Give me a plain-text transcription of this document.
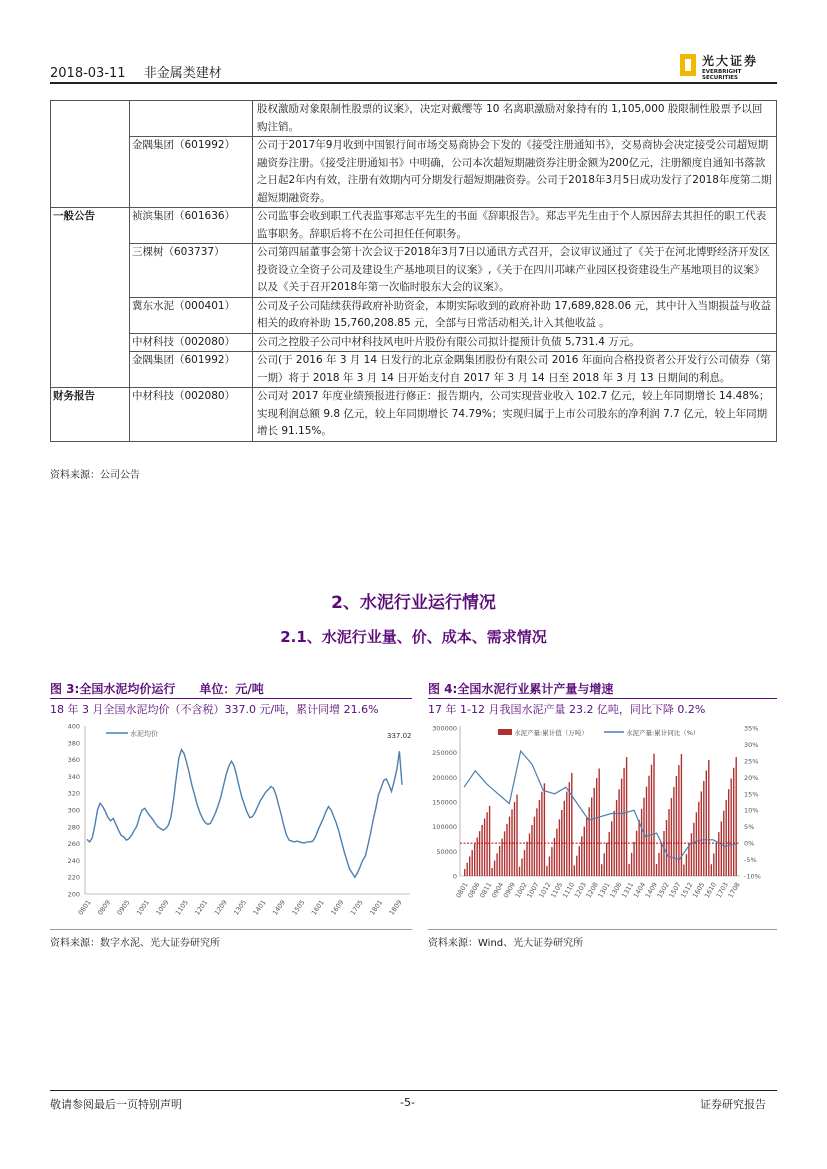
2018-03-11 非金属类建材
光大证券
EVERBRIGHT SECURITIES
		股权激励对象限制性股票的议案》，决定对戴缨等 10 名离职激励对象持有的 1,105,000 股限制性股票予以回购注销。
	金隅集团（601992）	公司于2017年9月收到中国银行间市场交易商协会下发的《接受注册通知书》，交易商协会决定接受公司超短期融资券注册。《接受注册通知书》中明确，公司本次超短期融资券注册金额为200亿元，注册额度自通知书落款之日起2年内有效，注册有效期内可分期发行超短期融资券。公司于2018年3月5日成功发行了2018年度第二期超短期融资券。
一般公告	祯滨集团（601636）	公司监事会收到职工代表监事郑志平先生的书面《辞职报告》。郑志平先生由于个人原因辞去其担任的职工代表监事职务。辞职后将不在公司担任任何职务。
	三棵树（603737）	公司第四届董事会第十次会议于2018年3月7日以通讯方式召开，会议审议通过了《关于在河北博野经济开发区投资设立全资子公司及建设生产基地项目的议案》,《关于在四川邛崃产业园区投资建设生产基地项目的议案》以及《关于召开2018年第一次临时股东大会的议案》。
	冀东水泥（000401）	公司及子公司陆续获得政府补助资金，本期实际收到的政府补助 17,689,828.06 元，其中计入当期损益与收益相关的政府补助 15,760,208.85 元，全部与日常活动相关,计入其他收益 。
	中材科技（002080）	公司之控股子公司中材科技风电叶片股份有限公司拟计提预计负债 5,731.4 万元。
	金隅集团（601992）	公司(于 2016 年 3 月 14 日发行的北京金隅集团股份有限公司 2016 年面向合格投资者公开发行公司债券（第一期）将于 2018 年 3 月 14 日开始支付自 2017 年 3 月 14 日至 2018 年 3 月 13 日期间的利息。
财务报告	中材科技（002080）	公司对 2017 年度业绩预报进行修正：报告期内，公司实现营业收入 102.7 亿元，较上年同期增长 14.48%；实现利润总额 9.8 亿元，较上年同期增长 74.79%；实现归属于上市公司股东的净利润 7.7 亿元，较上年同期增长 91.15%。
资料来源：公司公告
2、水泥行业运行情况
2.1、水泥行业量、价、成本、需求情况
图 3:全国水泥均价运行　　单位：元/吨
18 年 3 月全国水泥均价（不含税）337.0 元/吨，累计同增 21.6%
400
380
360
340
320
300
280
260
240
220
200
0801 0809 0905 1001 1009 1105 1201 1209 1305 1401 1409 1505 1601 1609 1705 1801 1809
水泥均价	337.02
资料来源：数字水泥、光大证券研究所
图 4:全国水泥行业累计产量与增速
17 年 1-12 月我国水泥产量 23.2 亿吨，同比下降 0.2%
300000
250000
200000
150000
100000
50000
0
35%
30%
25%
20%
15%
10%
5%
0%
-5%
-10%
0801
0806
0811
0904
0909
1002
1007
1012
1105
1110
1203
1208
1301
1306
1311
1404
1409
1502
1507
1512
1605
1610
1703
1708
水泥产量:累计值（万吨）	水泥产量:累计同比（%）
资料来源：Wind、光大证券研究所
敬请参阅最后一页特别声明	-5-	证券研究报告
